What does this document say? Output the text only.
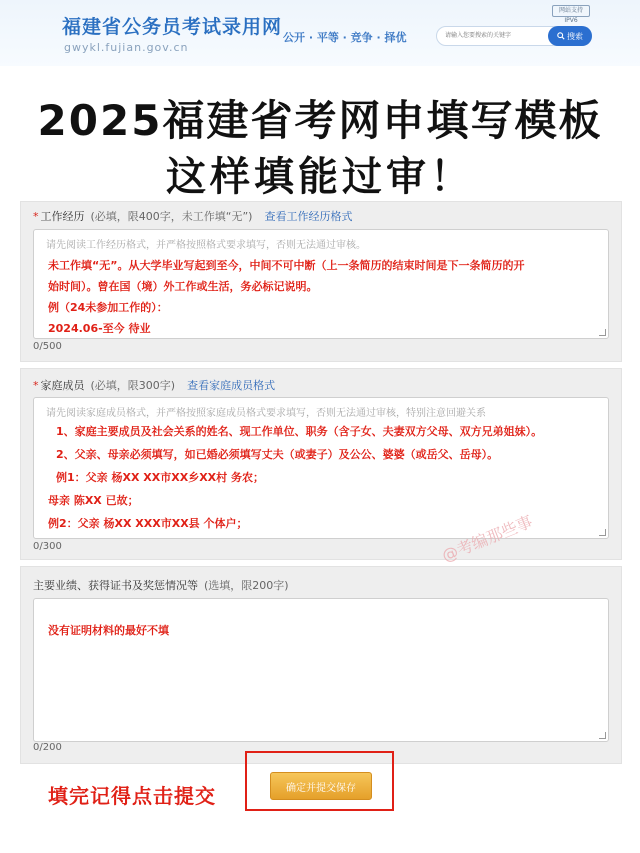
福建省公务员考试录用网
gwykl.fujian.gov.cn
公开 · 平等 · 竞争 · 择优
网站支持IPV6
请输入您要搜索的关键字
搜索
2025福建省考网申填写模板
这样填能过审！
* 工作经历 (必填，限400字，未工作填“无”) 查看工作经历格式
请先阅读工作经历格式，并严格按照格式要求填写，否则无法通过审核。
未工作填“无”。从大学毕业写起到至今，中间不可中断（上一条简历的结束时间是下一条简历的开
始时间）。曾在国（境）外工作或生活，务必标记说明。
例（24未参加工作的）：
2024.06-至今 待业
0/500
* 家庭成员 (必填，限300字) 查看家庭成员格式
请先阅读家庭成员格式，并严格按照家庭成员格式要求填写，否则无法通过审核，特别注意回避关系
1、家庭主要成员及社会关系的姓名、现工作单位、职务（含子女、夫妻双方父母、双方兄弟姐妹）。
2、父亲、母亲必须填写，如已婚必须填写丈夫（或妻子）及公公、婆婆（或岳父、岳母）。
例1：父亲 杨XX XX市XX乡XX村 务农；
母亲 陈XX 已故；
例2：父亲 杨XX XXX市XX县 个体户；
0/300
主要业绩、获得证书及奖惩情况等 (选填，限200字)
没有证明材料的最好不填
0/200
@考编那些事
填完记得点击提交	确定并提交保存
